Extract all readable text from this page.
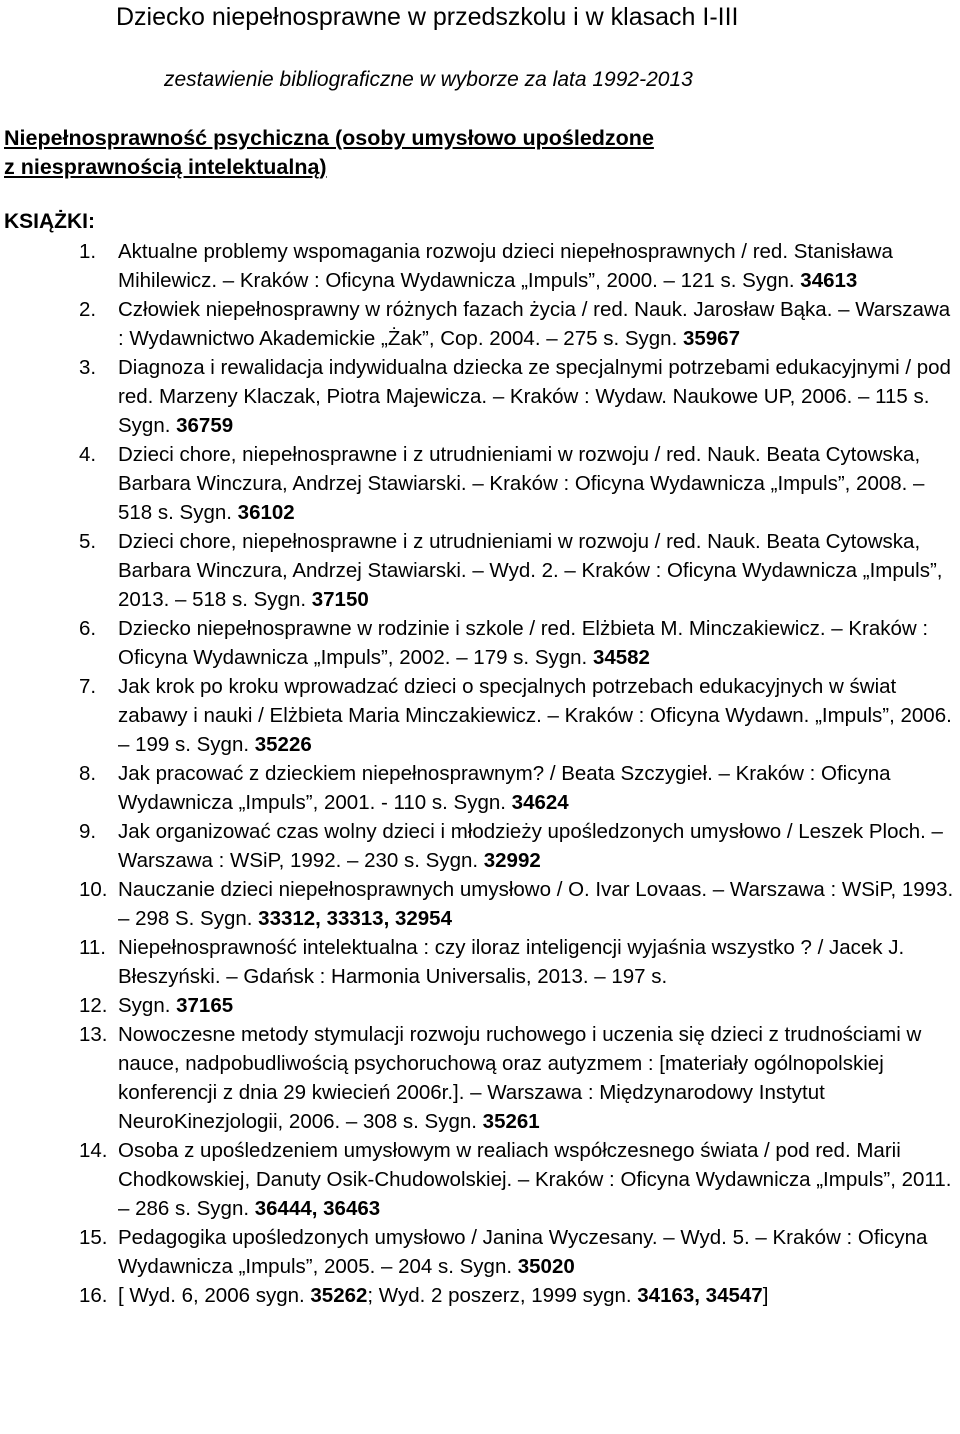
Dziecko niepełnosprawne w przedszkolu i w klasach I-III

zestawienie bibliograficzne w wyborze za lata 1992-2013

Niepełnosprawność psychiczna (osoby umysłowo upośledzone
z niesprawnością intelektualną)
KSIĄŻKI:
1. Aktualne problemy wspomagania rozwoju dzieci niepełnosprawnych / red. Stanisława Mihilewicz. – Kraków : Oficyna Wydawnicza „Impuls”, 2000. – 121 s. Sygn. 34613
2. Człowiek niepełnosprawny w różnych fazach życia / red. Nauk. Jarosław Bąka. – Warszawa : Wydawnictwo Akademickie „Żak”, Cop. 2004. – 275 s. Sygn. 35967
3. Diagnoza i rewalidacja indywidualna dziecka ze specjalnymi potrzebami edukacyjnymi / pod red. Marzeny Klaczak, Piotra Majewicza. – Kraków : Wydaw. Naukowe UP, 2006. – 115 s. Sygn. 36759
4. Dzieci chore, niepełnosprawne i z utrudnieniami w rozwoju / red. Nauk. Beata Cytowska, Barbara Winczura, Andrzej Stawiarski. – Kraków : Oficyna Wydawnicza „Impuls”, 2008. – 518 s. Sygn. 36102
5. Dzieci chore, niepełnosprawne i z utrudnieniami w rozwoju / red. Nauk. Beata Cytowska, Barbara Winczura, Andrzej Stawiarski. – Wyd. 2. – Kraków : Oficyna Wydawnicza „Impuls”, 2013. – 518 s. Sygn. 37150
6. Dziecko niepełnosprawne w rodzinie i szkole / red. Elżbieta M. Minczakiewicz. – Kraków : Oficyna Wydawnicza „Impuls”, 2002. – 179 s. Sygn. 34582
7. Jak krok po kroku wprowadzać dzieci o specjalnych potrzebach edukacyjnych w świat zabawy i nauki / Elżbieta Maria Minczakiewicz. – Kraków : Oficyna Wydawn. „Impuls”, 2006. – 199 s. Sygn. 35226
8. Jak pracować z dzieckiem niepełnosprawnym? / Beata Szczygieł. – Kraków : Oficyna Wydawnicza „Impuls”, 2001. - 110 s. Sygn. 34624
9. Jak organizować czas wolny dzieci i młodzieży upośledzonych umysłowo / Leszek Ploch. – Warszawa : WSiP, 1992. – 230 s. Sygn. 32992
10. Nauczanie dzieci niepełnosprawnych umysłowo / O. Ivar Lovaas. – Warszawa : WSiP, 1993. – 298 S. Sygn. 33312, 33313, 32954
11. Niepełnosprawność intelektualna : czy iloraz inteligencji wyjaśnia wszystko ? / Jacek J. Błeszyński. – Gdańsk : Harmonia Universalis, 2013. – 197 s.
12. Sygn. 37165
13. Nowoczesne metody stymulacji rozwoju ruchowego i uczenia się dzieci z trudnościami w nauce, nadpobudliwością psychoruchową oraz autyzmem : [materiały ogólnopolskiej konferencji z dnia 29 kwiecień 2006r.]. – Warszawa : Międzynarodowy Instytut NeuroKinezjologii, 2006. – 308 s. Sygn. 35261
14. Osoba z upośledzeniem umysłowym w realiach współczesnego świata / pod red. Marii Chodkowskiej, Danuty Osik-Chudowolskiej. – Kraków : Oficyna Wydawnicza „Impuls”, 2011. – 286 s. Sygn. 36444, 36463
15. Pedagogika upośledzonych umysłowo / Janina Wyczesany. – Wyd. 5. – Kraków : Oficyna Wydawnicza „Impuls”, 2005. – 204 s. Sygn. 35020
16. [ Wyd. 6, 2006 sygn. 35262; Wyd. 2 poszerz, 1999 sygn. 34163, 34547]
